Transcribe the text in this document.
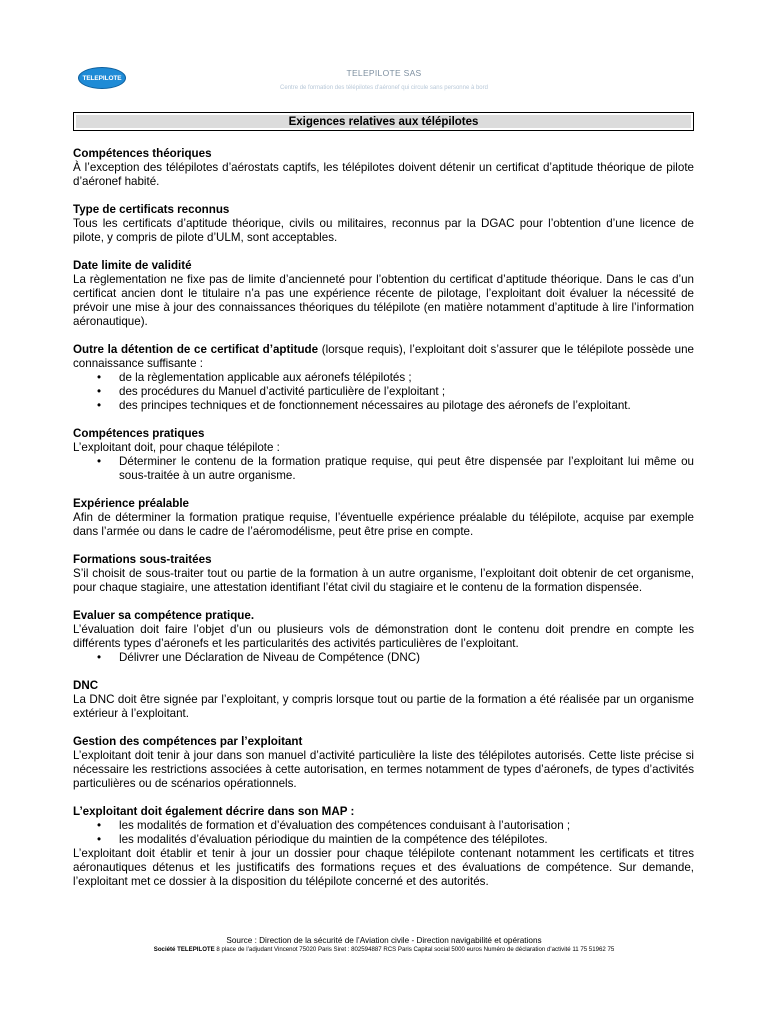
TELEPILOTE	TELEPILOTE SAS
Centre de formation des télépilotes d'aéronef qui circule sans personne à bord
Exigences relatives aux télépilotes
Compétences théoriques
À l’exception des télépilotes d’aérostats captifs, les télépilotes doivent détenir un certificat d’aptitude théorique de pilote d’aéronef habité.
Type de certificats reconnus
Tous les certificats d’aptitude théorique, civils ou militaires, reconnus par la DGAC pour l’obtention d’une licence de pilote, y compris de pilote d’ULM, sont acceptables.
Date limite de validité
La règlementation ne fixe pas de limite d’ancienneté pour l’obtention du certificat d’aptitude théorique. Dans le cas d’un certificat ancien dont le titulaire n’a pas une expérience récente de pilotage, l’exploitant doit évaluer la nécessité de prévoir une mise à jour des connaissances théoriques du télépilote (en matière notamment d’aptitude à lire l’information aéronautique).
Outre la détention de ce certificat d’aptitude (lorsque requis), l’exploitant doit s’assurer que le télépilote possède une connaissance suffisante :
• de la règlementation applicable aux aéronefs télépilotés ;
• des procédures du Manuel d’activité particulière de l’exploitant ;
• des principes techniques et de fonctionnement nécessaires au pilotage des aéronefs de l’exploitant.
Compétences pratiques
L’exploitant doit, pour chaque télépilote :
• Déterminer le contenu de la formation pratique requise, qui peut être dispensée par l’exploitant lui même ou sous-traitée à un autre organisme.
Expérience préalable
Afin de déterminer la formation pratique requise, l’éventuelle expérience préalable du télépilote, acquise par exemple dans l’armée ou dans le cadre de l’aéromodélisme, peut être prise en compte.
Formations sous-traitées
S’il choisit de sous-traiter tout ou partie de la formation à un autre organisme, l’exploitant doit obtenir de cet organisme, pour chaque stagiaire, une attestation identifiant l’état civil du stagiaire et le contenu de la formation dispensée.
Evaluer sa compétence pratique.
L’évaluation doit faire l’objet d’un ou plusieurs vols de démonstration dont le contenu doit prendre en compte les différents types d’aéronefs et les particularités des activités particulières de l’exploitant.
• Délivrer une Déclaration de Niveau de Compétence (DNC)
DNC
La DNC doit être signée par l’exploitant, y compris lorsque tout ou partie de la formation a été réalisée par un organisme extérieur à l’exploitant.
Gestion des compétences par l’exploitant
L’exploitant doit tenir à jour dans son manuel d’activité particulière la liste des télépilotes autorisés. Cette liste précise si nécessaire les restrictions associées à cette autorisation, en termes notamment de types d’aéronefs, de types d’activités particulières ou de scénarios opérationnels.
L’exploitant doit également décrire dans son MAP :
• les modalités de formation et d’évaluation des compétences conduisant à l’autorisation ;
• les modalités d’évaluation périodique du maintien de la compétence des télépilotes.
L’exploitant doit établir et tenir à jour un dossier pour chaque télépilote contenant notamment les certificats et titres aéronautiques détenus et les justificatifs des formations reçues et des évaluations de compétence. Sur demande, l’exploitant met ce dossier à la disposition du télépilote concerné et des autorités.
Source : Direction de la sécurité de l’Aviation civile - Direction navigabilité et opérations
Société TELEPILOTE 8 place de l’adjudant Vincenot 75020 Paris Siret : 802594887 RCS Paris Capital social 5000 euros Numéro de déclaration d’activité 11 75 51962 75
